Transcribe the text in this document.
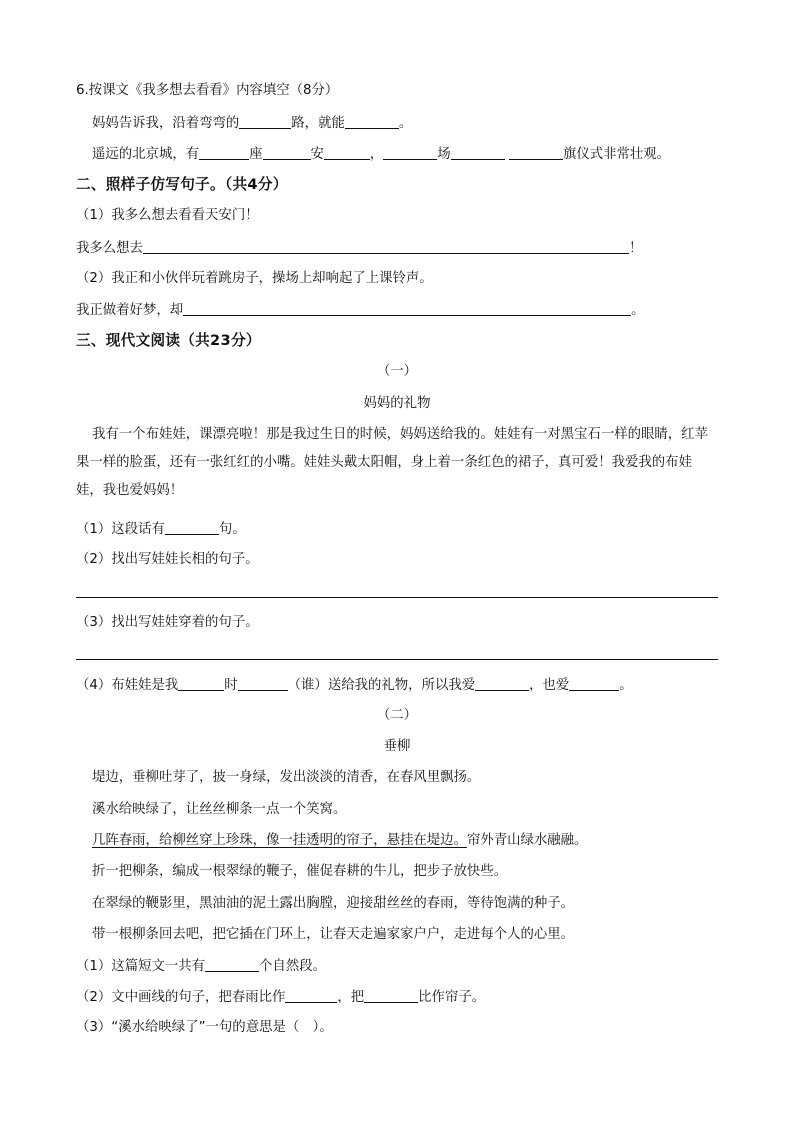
6.按课文《我多想去看看》内容填空（8分）
妈妈告诉我，沿着弯弯的	路，就能	。
遥远的北京城，有	座	安	，	场	旗仪式非常壮观。
二、照样子仿写句子。（共4分）
（1）我多么想去看看天安门！
我多么想去	！
（2）我正和小伙伴玩着跳房子，操场上却响起了上课铃声。
我正做着好梦，却	。
三、现代文阅读（共23分）
（一）
妈妈的礼物
我有一个布娃娃，课漂亮啦！那是我过生日的时候，妈妈送给我的。娃娃有一对黑宝石一样的眼睛，红苹果一样的脸蛋，还有一张红红的小嘴。娃娃头戴太阳帽，身上着一条红色的裙子，真可爱！我爱我的布娃娃，我也爱妈妈！
（1）这段话有	句。
（2）找出写娃娃长相的句子。
（3）找出写娃娃穿着的句子。
（4）布娃娃是我	时	（谁）送给我的礼物，所以我爱	，也爱	。
（二）
垂柳
堤边，垂柳吐芽了，披一身绿，发出淡淡的清香，在春风里飘扬。
溪水给映绿了，让丝丝柳条一点一个笑窝。
几阵春雨，给柳丝穿上珍珠，像一挂透明的帘子，悬挂在堤边。帘外青山绿水融融。
折一把柳条，编成一根翠绿的鞭子，催促春耕的牛儿，把步子放快些。
在翠绿的鞭影里，黑油油的泥土露出胸膛，迎接甜丝丝的春雨，等待饱满的种子。
带一根柳条回去吧，把它插在门环上，让春天走遍家家户户，走进每个人的心里。
（1）这篇短文一共有	个自然段。
（2）文中画线的句子，把春雨比作	，把	比作帘子。
（3）“溪水给映绿了”一句的意思是（　）。
